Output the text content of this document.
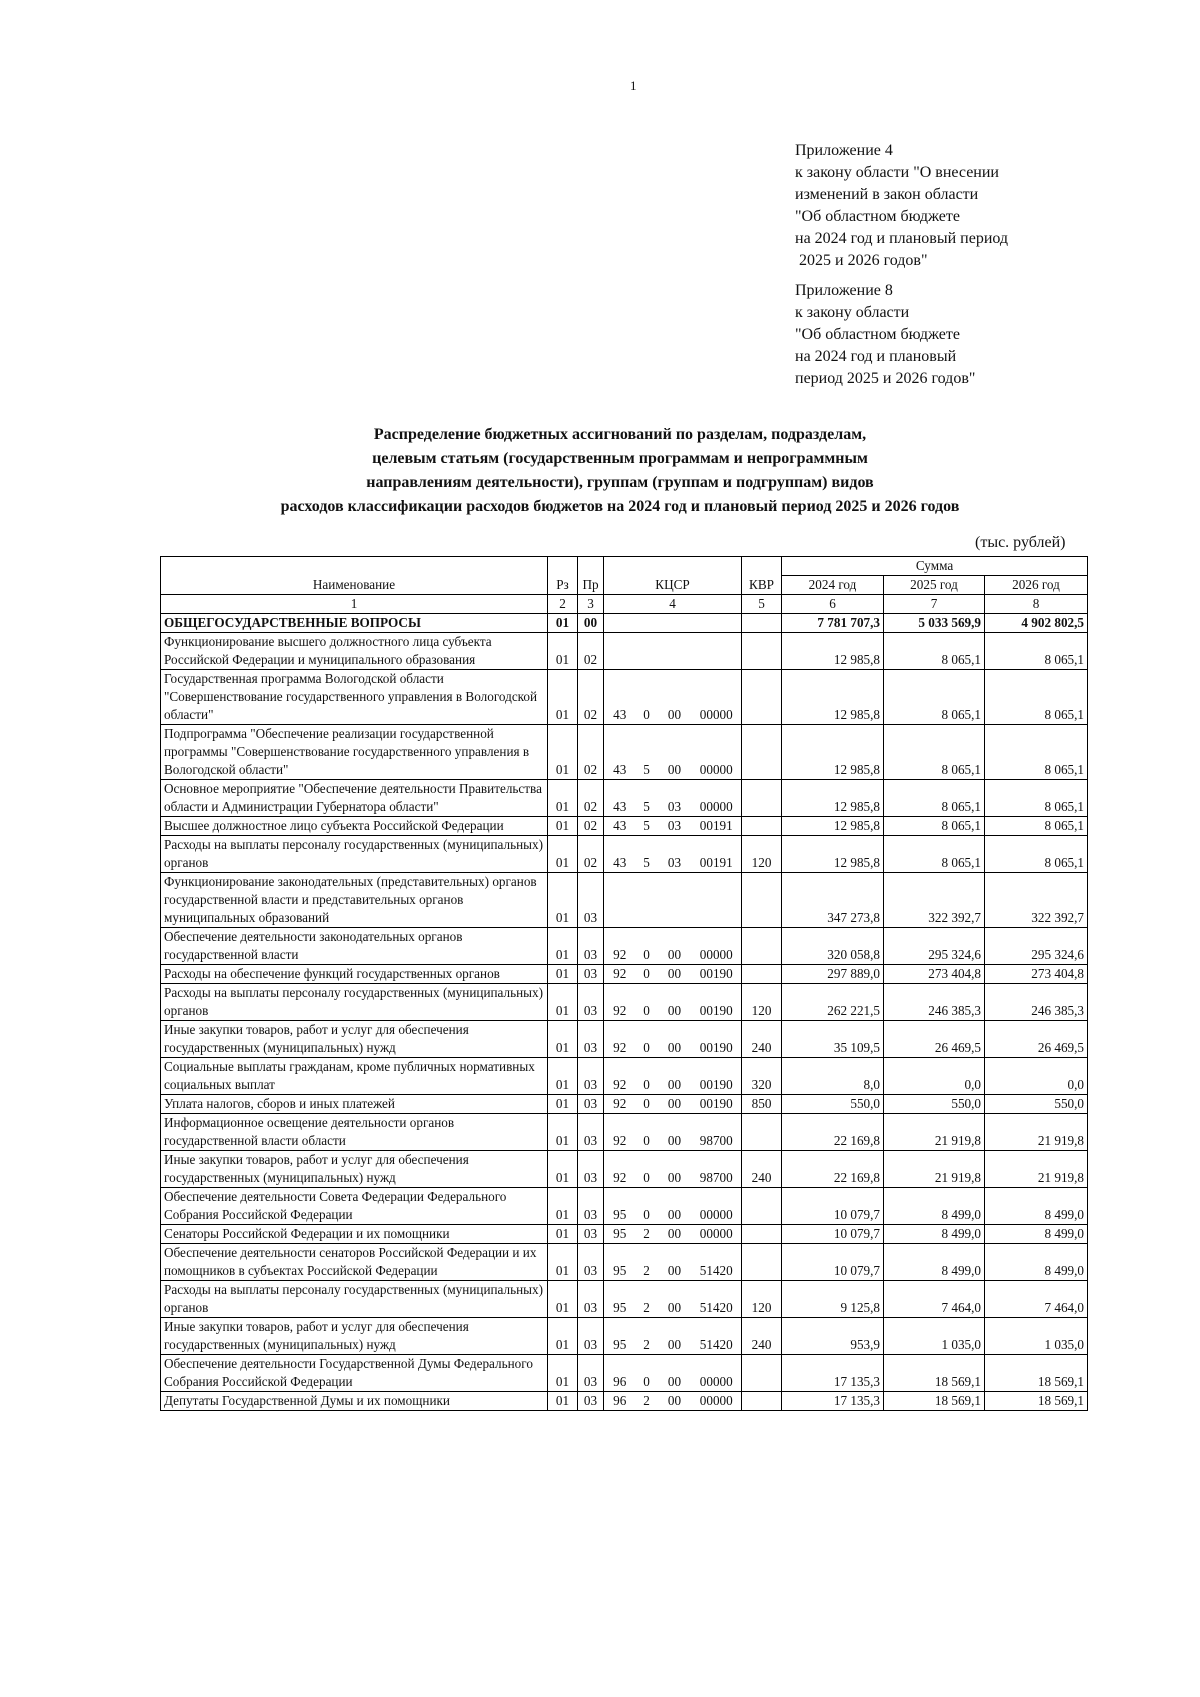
1
Приложение 4
к закону области "О внесении
изменений в закон области
"Об областном бюджете
на 2024 год и плановый период
2025 и 2026 годов"
Приложение 8
к закону области
"Об областном бюджете
на 2024 год и плановый
период 2025 и 2026 годов"
Распределение бюджетных ассигнований по разделам, подразделам,
целевым статьям (государственным программам и непрограммным
направлениям деятельности), группам (группам и подгруппам) видов
расходов классификации расходов бюджетов на 2024 год и плановый период 2025 и 2026 годов
(тыс. рублей)
Наименование	Рз	Пр	КЦСР				КВР	Сумма		
								2024 год	2025 год	2026 год
1	2	3	4				5	6	7	8
ОБЩЕГОСУДАРСТВЕННЫЕ ВОПРОСЫ	01	00						7 781 707,3	5 033 569,9	4 902 802,5
Функционирование высшего должностного лица субъекта Российской Федерации и муниципального образования	01	02						12 985,8	8 065,1	8 065,1
Государственная программа Вологодской области "Совершенствование государственного управления в Вологодской области"	01	02	43	0	00	00000		12 985,8	8 065,1	8 065,1
Подпрограмма "Обеспечение реализации государственной программы "Совершенствование государственного управления в Вологодской области"	01	02	43	5	00	00000		12 985,8	8 065,1	8 065,1
Основное мероприятие "Обеспечение деятельности Правительства области и Администрации Губернатора области"	01	02	43	5	03	00000		12 985,8	8 065,1	8 065,1
Высшее должностное лицо субъекта Российской Федерации	01	02	43	5	03	00191		12 985,8	8 065,1	8 065,1
Расходы на выплаты персоналу государственных (муниципальных) органов	01	02	43	5	03	00191	120	12 985,8	8 065,1	8 065,1
Функционирование законодательных (представительных) органов государственной власти и представительных органов муниципальных образований	01	03						347 273,8	322 392,7	322 392,7
Обеспечение деятельности законодательных органов государственной власти	01	03	92	0	00	00000		320 058,8	295 324,6	295 324,6
Расходы на обеспечение функций государственных органов	01	03	92	0	00	00190		297 889,0	273 404,8	273 404,8
Расходы на выплаты персоналу государственных (муниципальных) органов	01	03	92	0	00	00190	120	262 221,5	246 385,3	246 385,3
Иные закупки товаров, работ и услуг для обеспечения государственных (муниципальных) нужд	01	03	92	0	00	00190	240	35 109,5	26 469,5	26 469,5
Социальные выплаты гражданам, кроме публичных нормативных социальных выплат	01	03	92	0	00	00190	320	8,0	0,0	0,0
Уплата налогов, сборов и иных платежей	01	03	92	0	00	00190	850	550,0	550,0	550,0
Информационное освещение деятельности органов государственной власти области	01	03	92	0	00	98700		22 169,8	21 919,8	21 919,8
Иные закупки товаров, работ и услуг для обеспечения государственных (муниципальных) нужд	01	03	92	0	00	98700	240	22 169,8	21 919,8	21 919,8
Обеспечение деятельности Совета Федерации Федерального Собрания Российской Федерации	01	03	95	0	00	00000		10 079,7	8 499,0	8 499,0
Сенаторы Российской Федерации и их помощники	01	03	95	2	00	00000		10 079,7	8 499,0	8 499,0
Обеспечение деятельности сенаторов Российской Федерации и их помощников в субъектах Российской Федерации	01	03	95	2	00	51420		10 079,7	8 499,0	8 499,0
Расходы на выплаты персоналу государственных (муниципальных) органов	01	03	95	2	00	51420	120	9 125,8	7 464,0	7 464,0
Иные закупки товаров, работ и услуг для обеспечения государственных (муниципальных) нужд	01	03	95	2	00	51420	240	953,9	1 035,0	1 035,0
Обеспечение деятельности Государственной Думы Федерального Собрания Российской Федерации	01	03	96	0	00	00000		17 135,3	18 569,1	18 569,1
Депутаты Государственной Думы и их помощники	01	03	96	2	00	00000		17 135,3	18 569,1	18 569,1
